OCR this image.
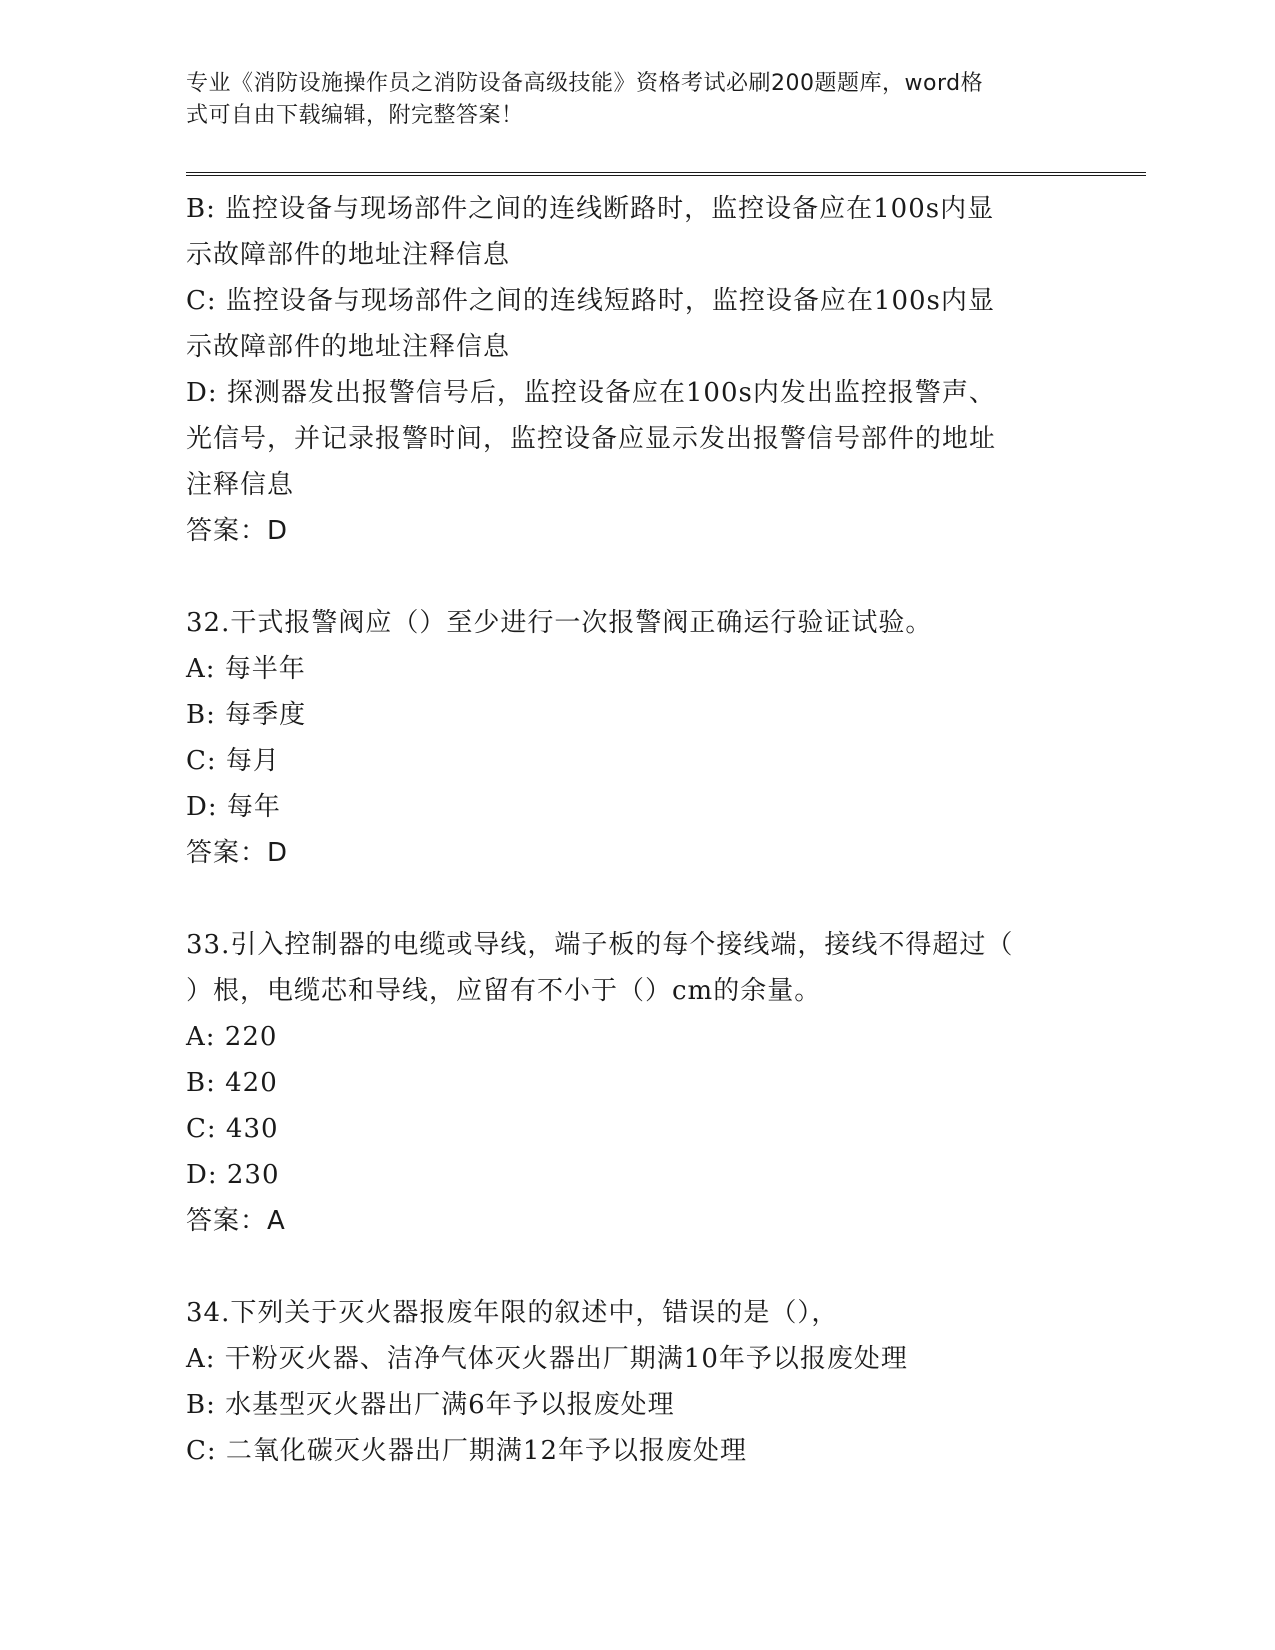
专业《消防设施操作员之消防设备高级技能》资格考试必刷200题题库，word格
式可自由下载编辑，附完整答案！

B: 监控设备与现场部件之间的连线断路时，监控设备应在100s内显

示故障部件的地址注释信息

C: 监控设备与现场部件之间的连线短路时，监控设备应在100s内显

示故障部件的地址注释信息

D: 探测器发出报警信号后，监控设备应在100s内发出监控报警声、

光信号，并记录报警时间，监控设备应显示发出报警信号部件的地址

注释信息

答案：D

32.干式报警阀应（）至少进行一次报警阀正确运行验证试验。

A: 每半年

B: 每季度

C: 每月

D: 每年

答案：D

33.引入控制器的电缆或导线，端子板的每个接线端，接线不得超过（

）根，电缆芯和导线，应留有不小于（）cm的余量。

A: 220

B: 420

C: 430

D: 230

答案：A

34.下列关于灭火器报废年限的叙述中，错误的是（），

A: 干粉灭火器、洁净气体灭火器出厂期满10年予以报废处理

B: 水基型灭火器出厂满6年予以报废处理

C: 二氧化碳灭火器出厂期满12年予以报废处理
